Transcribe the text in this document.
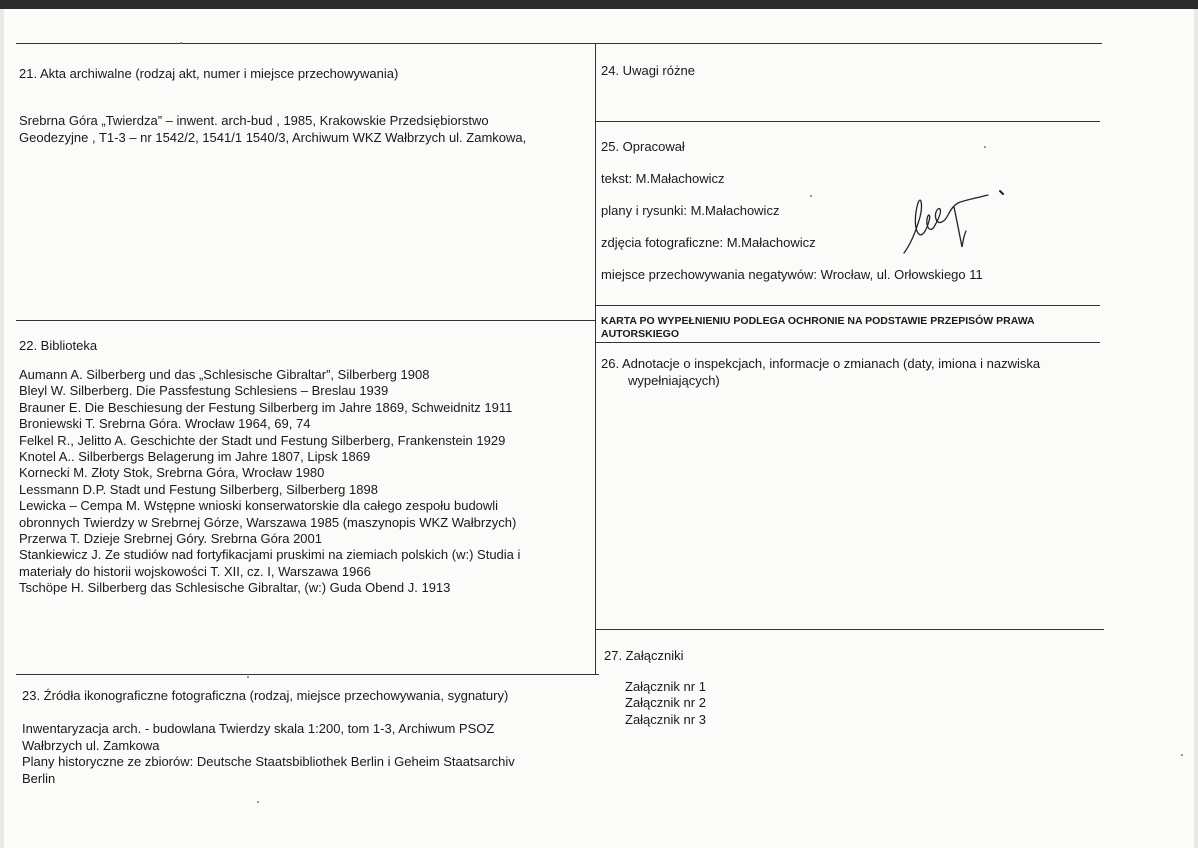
21. Akta archiwalne (rodzaj akt, numer i miejsce przechowywania)

Srebrna Góra „Twierdza” – inwent. arch-bud , 1985, Krakowskie Przedsiębiorstwo

Geodezyjne , T1-3 – nr 1542/2, 1541/1 1540/3, Archiwum WKZ Wałbrzych ul. Zamkowa,

22. Biblioteka

Aumann A. Silberberg und das „Schlesische Gibraltar”, Silberberg 1908
Bleyl W. Silberberg. Die Passfestung Schlesiens – Breslau 1939
Brauner E. Die Beschiesung der Festung Silberberg im Jahre 1869, Schweidnitz 1911
Broniewski T. Srebrna Góra. Wrocław 1964, 69, 74
Felkel R., Jelitto A. Geschichte der Stadt und Festung Silberberg, Frankenstein 1929
Knotel A.. Silberbergs Belagerung im Jahre 1807, Lipsk 1869
Kornecki M. Złoty Stok, Srebrna Góra, Wrocław 1980
Lessmann D.P. Stadt und Festung Silberberg, Silberberg 1898
Lewicka – Cempa M. Wstępne wnioski konserwatorskie dla całego zespołu budowli
obronnych Twierdzy w Srebrnej Górze, Warszawa 1985 (maszynopis WKZ Wałbrzych)
Przerwa T. Dzieje Srebrnej Góry. Srebrna Góra 2001
Stankiewicz J. Ze studiów nad fortyfikacjami pruskimi na ziemiach polskich (w:) Studia i
materiały do historii wojskowości T. XII, cz. I, Warszawa 1966
Tschöpe H. Silberberg das Schlesische Gibraltar, (w:) Guda Obend J. 1913

23. Źródła ikonograficzne fotograficzna (rodzaj, miejsce przechowywania, sygnatury)

Inwentaryzacja arch. - budowlana Twierdzy skala 1:200, tom 1-3, Archiwum PSOZ

Wałbrzych ul. Zamkowa

Plany historyczne ze zbiorów: Deutsche Staatsbibliothek Berlin i Geheim Staatsarchiv

Berlin

24. Uwagi różne

25. Opracował

tekst: M.Małachowicz

plany i rysunki: M.Małachowicz

zdjęcia fotograficzne: M.Małachowicz

miejsce przechowywania negatywów: Wrocław, ul. Orłowskiego 11

KARTA PO WYPEŁNIENIU PODLEGA OCHRONIE NA PODSTAWIE PRZEPISÓW PRAWA
AUTORSKIEGO

26. Adnotacje o inspekcjach, informacje o zmianach (daty, imiona i nazwiska

wypełniających)

27. Załączniki

Załącznik nr 1
Załącznik nr 2
Załącznik nr 3
